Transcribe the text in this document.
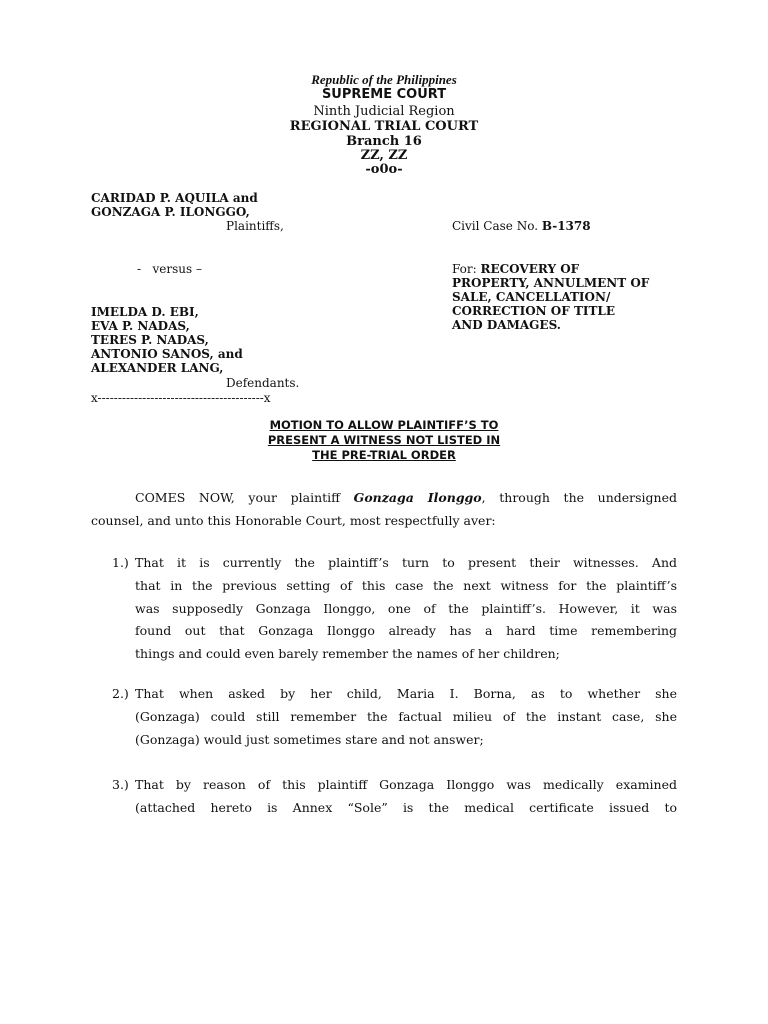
Republic of the Philippines
SUPREME COURT
Ninth Judicial Region
REGIONAL TRIAL COURT
Branch 16
ZZ, ZZ
-o0o-
CARIDAD P. AQUILA and
GONZAGA P. ILONGGO,
Plaintiffs,	Civil Case No. B-1378
-   versus –	For: RECOVERY OF
PROPERTY, ANNULMENT OF
SALE, CANCELLATION/
CORRECTION OF TITLE
AND DAMAGES.
IMELDA D. EBI,
EVA P. NADAS,
TERES P. NADAS,
ANTONIO SANOS, and
ALEXANDER LANG,
Defendants.
x-----------------------------------------x
MOTION TO ALLOW PLAINTIFF’S TO
PRESENT A WITNESS NOT LISTED IN
THE PRE-TRIAL ORDER
COMES NOW, your plaintiff Gonzaga Ilonggo, through the undersigned
counsel, and unto this Honorable Court, most respectfully aver:
1.) That it is currently the plaintiff’s turn to present their witnesses. And
that in the previous setting of this case the next witness for the plaintiff’s
was supposedly Gonzaga Ilonggo, one of the plaintiff’s. However, it was
found out that Gonzaga Ilonggo already has a hard time remembering
things and could even barely remember the names of her children;
2.) That when asked by her child, Maria I. Borna, as to whether she
(Gonzaga) could still remember the factual milieu of the instant case, she
(Gonzaga) would just sometimes stare and not answer;
3.) That by reason of this plaintiff Gonzaga Ilonggo was medically examined
(attached hereto is Annex “Sole” is the medical certificate issued to
